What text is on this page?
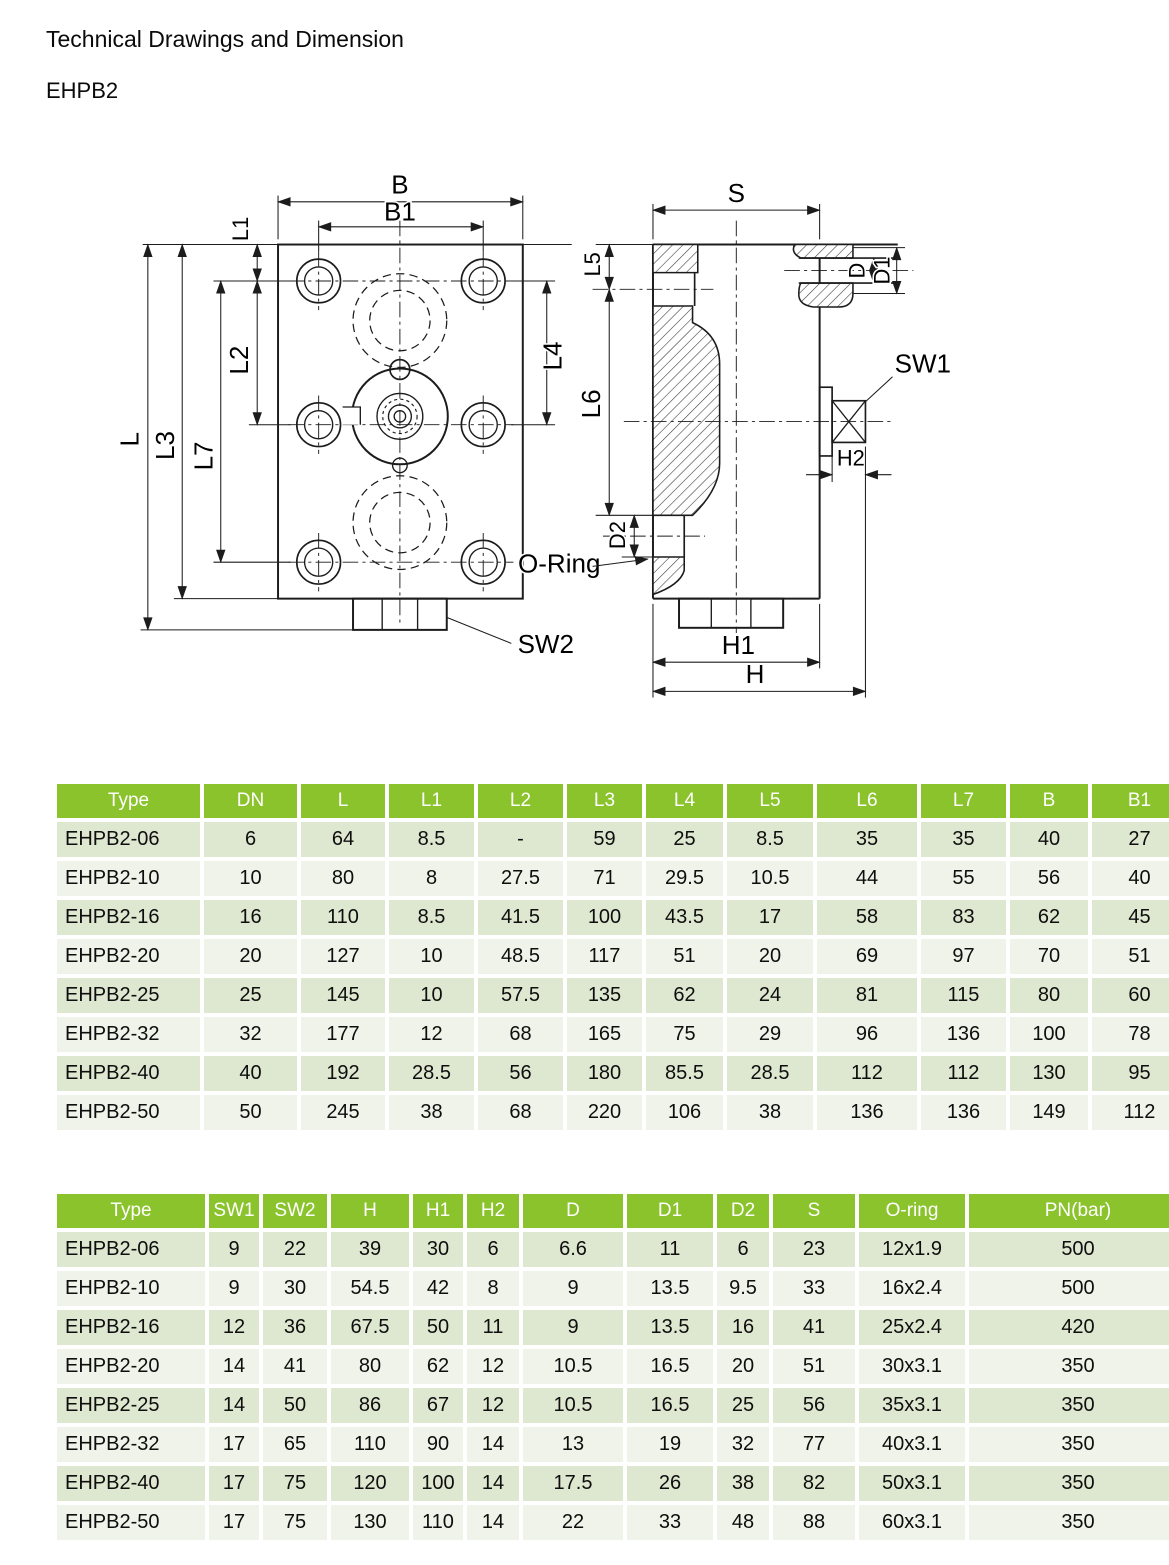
Technical Drawings and Dimension
EHPB2
B
B1
L L3 L7
L2
L1
L4
SW2
D D1
S
L5
L6
D2
O-Ring
SW1
H2
H1
H
Type	DN	L	L1	L2	L3	L4	L5	L6	L7	B	B1
EHPB2-06	6	64	8.5	-	59	25	8.5	35	35	40	27
EHPB2-10	10	80	8	27.5	71	29.5	10.5	44	55	56	40
EHPB2-16	16	110	8.5	41.5	100	43.5	17	58	83	62	45
EHPB2-20	20	127	10	48.5	117	51	20	69	97	70	51
EHPB2-25	25	145	10	57.5	135	62	24	81	115	80	60
EHPB2-32	32	177	12	68	165	75	29	96	136	100	78
EHPB2-40	40	192	28.5	56	180	85.5	28.5	112	112	130	95
EHPB2-50	50	245	38	68	220	106	38	136	136	149	112
Type	SW1	SW2	H	H1	H2	D	D1	D2	S	O-ring	PN(bar)
EHPB2-06	9	22	39	30	6	6.6	11	6	23	12x1.9	500
EHPB2-10	9	30	54.5	42	8	9	13.5	9.5	33	16x2.4	500
EHPB2-16	12	36	67.5	50	11	9	13.5	16	41	25x2.4	420
EHPB2-20	14	41	80	62	12	10.5	16.5	20	51	30x3.1	350
EHPB2-25	14	50	86	67	12	10.5	16.5	25	56	35x3.1	350
EHPB2-32	17	65	110	90	14	13	19	32	77	40x3.1	350
EHPB2-40	17	75	120	100	14	17.5	26	38	82	50x3.1	350
EHPB2-50	17	75	130	110	14	22	33	48	88	60x3.1	350
